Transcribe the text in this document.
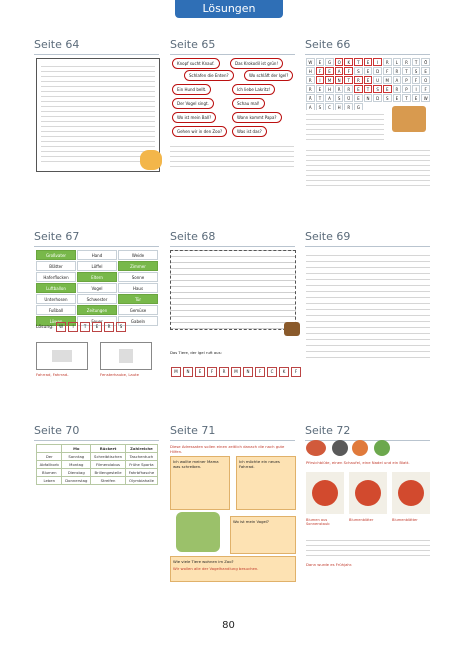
Lösungen
Seite 64	Seite 65	Seite 66
Knopf sucht Knauf.	Das Krokodil ist grün!
Schlafen die Enten?	Wo schläft der Igel?
Ein Hund bellt.	Ich liebe Lakritz!
Der Vogel singt.	Schau mal!
Wo ist mein Ball?	Wann kommt Papa?
Gehen wir in den Zoo?	Was ist das?
W	E	G	O	K	T	E	I	R	L	R	T	Ö
H	F	E	A	F	S	E	D	F	R	T	S	E
R	I	M	N	T	R	E	U	M	A	P	F	O
R	E	H	R	R	E	T	S	E	R	P	I	F
Ä	T	A	S	Ü	E	N	D	S	E	T	E	W
A	S	C	H	R	G
Seite 67	Seite 68	Seite 69
Großvater	Hand	Weide
Blätter	Löffel	Zimmer
Haferflocken	Eltern	Sonne
Luftballon	Vogel	Haus
Unterhosen	Schwester	Tür
Fußball	Zeitungen	Gemüse
Löwen	Feuer	Gabeln
Lösung: W I	T E R S
Fahrrad, Fahrrad-	Fensterhaube, Laute
Das Tiere, der Igel ruft aus:
M N E F R M N F C K F
Seite 70	Seite 71	Seite 72
	Mo	Rückert	Zahlreiche
Der	Sonntag	Schreibtischen	Taschentuch
Abfallkorb	Montag	Filmerolabus	Frühe Sporta
Blumen	Dienstag	Brillengestelle	Fahrbfhasche
Leben	Donnerstag	Streifen	Olymbiahalle
Diese Adressaten sollen einen zeitlich danach die nach gute Hilfen.
Ich wollte meiner Mama was schreiben.
Ich möchte ein neues Fahrrad.
Wo ist mein Vogel?
Wie viele Tiere wohnen im Zoo?
Wir wollen alle der Vogelhandlung besuchen.
Pfirsichblüte, einen Schaufel, eine Nadel und ein Blatt.
Blumen aus Sonnenstaub
Blumenbläter	Blumenblätter
Dann wurde es Frühjahr.
80
